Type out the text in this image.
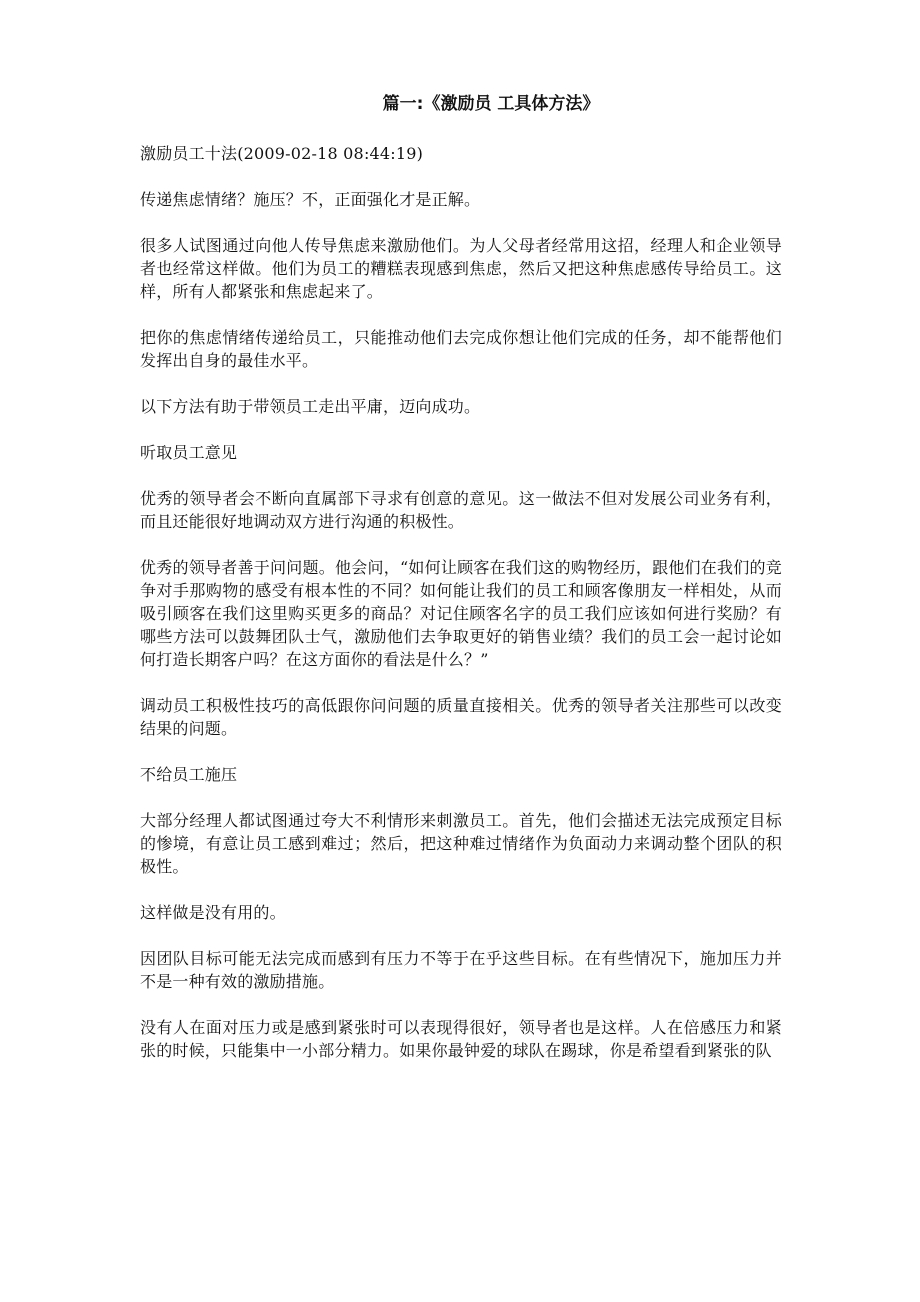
篇一:《激励员 工具体方法》

激励员工十法(2009-02-18 08:44:19)

传递焦虑情绪？施压？不，正面强化才是正解。

很多人试图通过向他人传导焦虑来激励他们。为人父母者经常用这招，经理人和企业领导者也经常这样做。他们为员工的糟糕表现感到焦虑，然后又把这种焦虑感传导给员工。这样，所有人都紧张和焦虑起来了。

把你的焦虑情绪传递给员工，只能推动他们去完成你想让他们完成的任务，却不能帮他们发挥出自身的最佳水平。

以下方法有助于带领员工走出平庸，迈向成功。

听取员工意见

优秀的领导者会不断向直属部下寻求有创意的意见。这一做法不但对发展公司业务有利，而且还能很好地调动双方进行沟通的积极性。

优秀的领导者善于问问题。他会问，“如何让顾客在我们这的购物经历，跟他们在我们的竞争对手那购物的感受有根本性的不同？如何能让我们的员工和顾客像朋友一样相处，从而吸引顾客在我们这里购买更多的商品？对记住顾客名字的员工我们应该如何进行奖励？有哪些方法可以鼓舞团队士气，激励他们去争取更好的销售业绩？我们的员工会一起讨论如何打造长期客户吗？在这方面你的看法是什么？”

调动员工积极性技巧的高低跟你问问题的质量直接相关。优秀的领导者关注那些可以改变结果的问题。

不给员工施压

大部分经理人都试图通过夸大不利情形来刺激员工。首先，他们会描述无法完成预定目标的惨境，有意让员工感到难过；然后，把这种难过情绪作为负面动力来调动整个团队的积极性。

这样做是没有用的。

因团队目标可能无法完成而感到有压力不等于在乎这些目标。在有些情况下，施加压力并不是一种有效的激励措施。

没有人在面对压力或是感到紧张时可以表现得很好，领导者也是这样。人在倍感压力和紧张的时候，只能集中一小部分精力。如果你最钟爱的球队在踢球，你是希望看到紧张的队
